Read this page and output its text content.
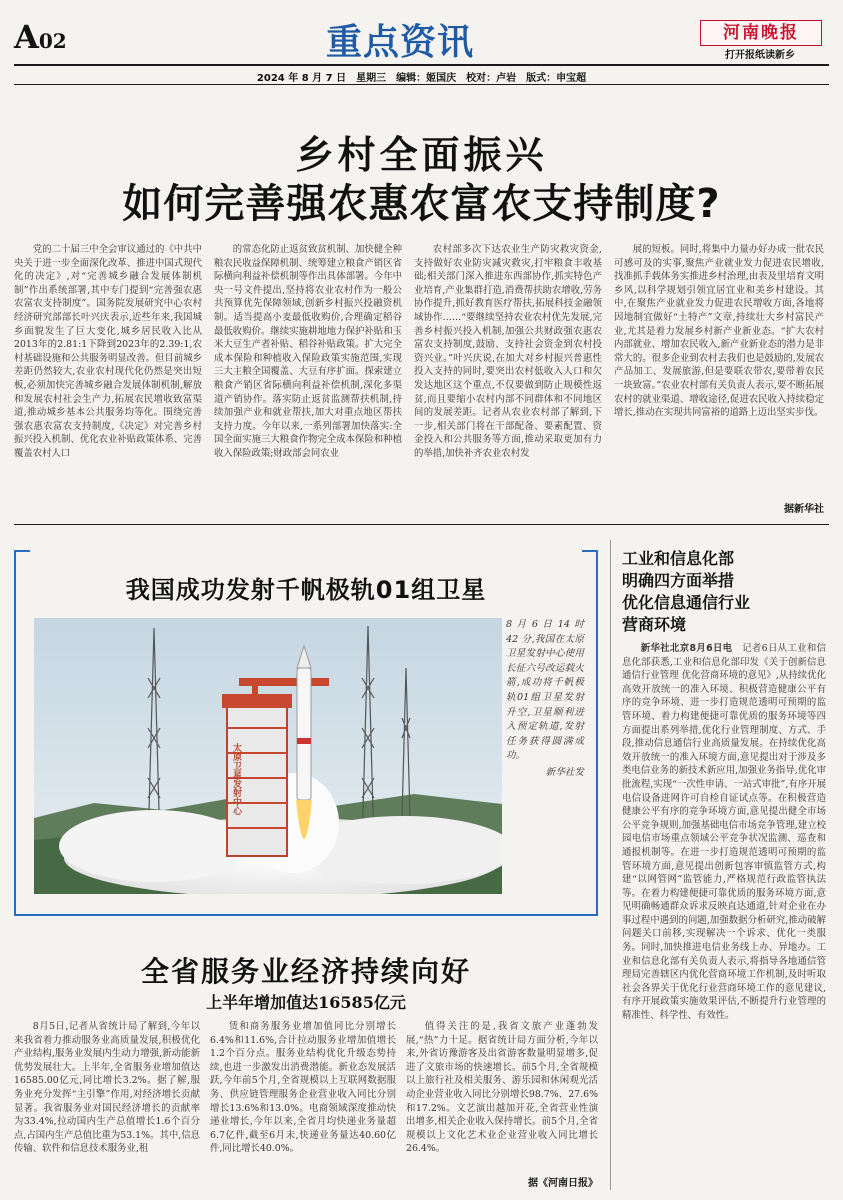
A02	重点资讯	河南晚报
打开报纸读新乡
2024 年 8 月 7 日　星期三　编辑：姬国庆　校对：卢岩　版式：申宝超
乡村全面振兴
如何完善强农惠农富农支持制度?

党的二十届三中全会审议通过的《中共中央关于进一步全面深化改革、推进中国式现代化的决定》,对“完善城乡融合发展体制机制”作出系统部署,其中专门提到“完善强农惠农富农支持制度”。国务院发展研究中心农村经济研究部部长叶兴庆表示,近些年来,我国城乡面貌发生了巨大变化,城乡居民收入比从2013年的2.81:1下降到2023年的2.39:1,农村基础设施和公共服务明显改善。但目前城乡差距仍然较大,农业农村现代化仍然是突出短板,必须加快完善城乡融合发展体制机制,解放和发展农村社会生产力,拓展农民增收致富渠道,推动城乡基本公共服务均等化。围绕完善强农惠农富农支持制度,《决定》对完善乡村振兴投入机制、优化农业补贴政策体系、完善覆盖农村人口

的常态化防止返贫致贫机制、加快健全种粮农民收益保障机制、统筹建立粮食产销区省际横向利益补偿机制等作出具体部署。今年中央一号文件提出,坚持将农业农村作为一般公共预算优先保障领域,创新乡村振兴投融资机制。适当提高小麦最低收购价,合理确定稻谷最低收购价。继续实施耕地地力保护补贴和玉米大豆生产者补贴、稻谷补贴政策。扩大完全成本保险和种植收入保险政策实施范围,实现三大主粮全国覆盖、大豆有序扩面。探索建立粮食产销区省际横向利益补偿机制,深化多渠道产销协作。落实防止返贫监测帮扶机制,持续加强产业和就业帮扶,加大对重点地区帮扶支持力度。今年以来,一系列部署加快落实:全国全面实施三大粮食作物完全成本保险和种植收入保险政策;财政部会同农业

农村部多次下达农业生产防灾救灾资金,支持做好农业防灾减灾救灾,打牢粮食丰收基础;相关部门深入推进东西部协作,抓实特色产业培育,产业集群打造,消费帮扶助农增收,劳务协作提升,抓好教育医疗帮扶,拓展科技金融领域协作……“要继续坚持农业农村优先发展,完善乡村振兴投入机制,加强公共财政强农惠农富农支持制度,鼓励、支持社会资金到农村投资兴业。”叶兴庆说,在加大对乡村振兴普惠性投入支持的同时,要突出农村低收入人口和欠发达地区这个重点,不仅要做到防止规模性返贫,而且要缩小农村内部不同群体和不同地区间的发展差距。记者从农业农村部了解到,下一步,相关部门将在干部配备、要素配置、资金投入和公共服务等方面,推动采取更加有力的举措,加快补齐农业农村发

展的短板。同时,将集中力量办好办成一批农民可感可及的实事,聚焦产业就业发力促进农民增收,找准抓手载体务实推进乡村治理,由表及里培育文明乡风,以科学规划引领宜居宜业和美乡村建设。其中,在聚焦产业就业发力促进农民增收方面,各地将因地制宜做好“土特产”文章,持续壮大乡村富民产业,尤其是着力发展乡村新产业新业态。“扩大农村内部就业、增加农民收入,新产业新业态的潜力是非常大的。很多企业到农村去我们也是鼓励的,发展农产品加工、发展旅游,但是要联农带农,要带着农民一块致富。”农业农村部有关负责人表示,要不断拓展农村的就业渠道、增收途径,促进农民收入持续稳定增长,推动在实现共同富裕的道路上迈出坚实步伐。

据新华社
我国成功发射千帆极轨01组卫星
太原卫星发射中心

8 月 6 日 14 时 42 分,我国在太原卫星发射中心使用长征六号改运载火箭,成功将千帆极轨01组卫星发射升空,卫星顺利进入预定轨道,发射任务获得圆满成功。

新华社发

全省服务业经济持续向好
上半年增加值达16585亿元

8月5日,记者从省统计局了解到,今年以来我省着力推动服务业高质量发展,积极优化产业结构,服务业发展内生动力增强,新动能新优势发展壮大。上半年,全省服务业增加值达16585.00亿元,同比增长3.2%。据了解,服务业充分发挥“主引擎”作用,对经济增长贡献显著。我省服务业对国民经济增长的贡献率为33.4%,拉动国内生产总值增长1.6个百分点,占国内生产总值比重为53.1%。其中,信息传输、软件和信息技术服务业,租

赁和商务服务业增加值同比分别增长6.4%和11.6%,合计拉动服务业增加值增长1.2个百分点。服务业结构优化升级态势持续,也进一步激发出消费潜能。新业态发展活跃,今年前5个月,全省规模以上互联网数据服务、供应链管理服务企业营业收入同比分别增长13.6%和13.0%。电商领域深度推动快递业增长,今年以来,全省月均快递业务量超6.7亿件,截至6月末,快递业务量达40.60亿件,同比增长40.0%。

值得关注的是,我省文旅产业蓬勃发展,“热”力十足。据省统计局方面分析,今年以来,外省访豫游客及出省游客数量明显增多,促进了文旅市场的快速增长。前5个月,全省规模以上旅行社及相关服务、游乐园和休闲观光活动企业营业收入同比分别增长98.7%、27.6%和17.2%。文艺演出越加开花,全省营业性演出增多,相关企业收入保持增长。前5个月,全省规模以上文化艺术业企业营业收入同比增长26.4%。

据《河南日报》
工业和信息化部
明确四方面举措
优化信息通信行业
营商环境

新华社北京8月6日电　 记者6日从工业和信息化部获悉,工业和信息化部印发《关于创新信息通信行业管理 优化营商环境的意见》,从持续优化高效开放统一的准入环境、积极营造健康公平有序的竞争环境、进一步打造规范透明可预期的监管环境、着力构建便捷可靠优质的服务环境等四方面提出系列举措,优化行业管理制度、方式、手段,推动信息通信行业高质量发展。在持续优化高效开放统一的准入环境方面,意见提出对于涉及多类电信业务的新技术新应用,加强业务指导,优化审批流程,实现“一次性申请、一站式审批”,有序开展电信设备进网许可自检自证试点等。在积极营造健康公平有序的竞争环境方面,意见提出健全市场公平竞争规则,加强基础电信市场竞争管理,建立校园电信市场重点领域公平竞争状况监测、巡查和通报机制等。在进一步打造规范透明可预期的监管环境方面,意见提出创新包容审慎监管方式,构建“以网管网”监管能力,严格规范行政监管执法等。在着力构建便捷可靠优质的服务环境方面,意见明确畅通群众诉求反映直达通道,针对企业在办事过程中遇到的问题,加强数据分析研究,推动破解问题关口前移,实现解决一个诉求、优化一类服务。同时,加快推进电信业务线上办、异地办。工业和信息化部有关负责人表示,将指导各地通信管理局完善辖区内优化营商环境工作机制,及时听取社会各界关于优化行业营商环境工作的意见建议,有序开展政策实施效果评估,不断提升行业管理的精准性、科学性、有效性。
